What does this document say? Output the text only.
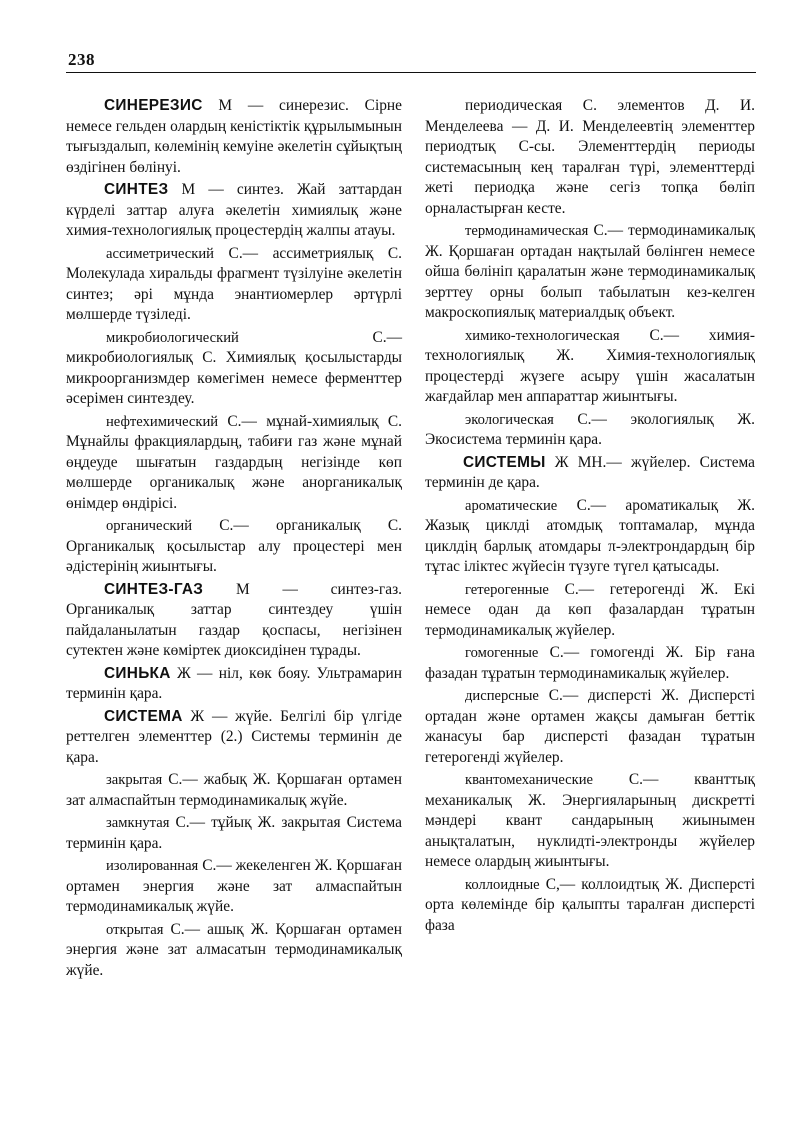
238

СИНЕРЕЗИС М — синерезис. Сірне немесе гельден олардың кеністіктік құрылымынын тығыздалып, көлемінің кемуіне әкелетін сұйықтың өздігінен бөлінуі.

СИНТЕЗ М — синтез. Жай заттардан күрделі заттар алуға әкелетін химиялық және химия-технологиялық процестердің жалпы атауы.

ассиметрический С.— ассиметриялық С. Молекулада хиральды фрагмент түзілуіне әкелетін синтез; әрі мұнда энантиомерлер әртүрлі мөлшерде түзіледі.

микробиологический С.— микробиологиялық С. Химиялық қосылыстарды микроорганизмдер көмегімен немесе ферменттер әсерімен синтездеу.

нефтехимический С.— мұнай-химиялық С. Мұнайлы фракциялардың, табиғи газ және мұнай өңдеуде шығатын газдардың негізінде көп мөлшерде органикалық және анорганикалық өнімдер өндірісі.

органический С.— органикалық С. Органикалық қосылыстар алу процестері мен әдістерінің жиынтығы.

СИНТЕЗ-ГАЗ М — синтез-газ. Органикалық заттар синтездеу үшін пайдаланылатын газдар қоспасы, негізінен сутектен және көміртек диоксидінен тұрады.

СИНЬКА Ж — ніл, көк бояу. Ультрамарин терминін қара.

СИСТЕМА Ж — жүйе. Белгілі бір үлгіде реттелген элементтер (2.) Системы терминін де қара.

закрытая С.— жабық Ж. Қоршаған ортамен зат алмаспайтын термодинамикалық жүйе.

замкнутая С.— тұйық Ж. закрытая Система терминін қара.

изолированная С.— жекеленген Ж. Қоршаған ортамен энергия және зат алмаспайтын термодинамикалық жүйе.

открытая С.— ашық Ж. Қоршаған ортамен энергия және зат алмасатын термодинамикалық жүйе.

периодическая С. элементов Д. И. Менделеева — Д. И. Менделеевтің элементтер периодтық С-сы. Элементтердің периоды системасының кең таралған түрі, элементтерді жеті периодқа және сегіз топқа бөліп орналастырған кесте.

термодинамическая С.— термодинамикалық Ж. Қоршаған ортадан нақтылай бөлінген немесе ойша бөлініп қаралатын және термодинамикалық зерттеу орны болып табылатын кез-келген макроскопиялық материалдық объект.

химико-технологическая С.— химия-технологиялық Ж. Химия-технологиялық процестерді жүзеге асыру үшін жасалатын жағдайлар мен аппараттар жиынтығы.

экологическая С.— экологиялық Ж. Экосистема терминін қара.

СИСТЕМЫ Ж МН.— жүйелер. Система терминін де қара.

ароматические С.— ароматикалық Ж. Жазық циклді атомдық топтамалар, мұнда циклдің барлық атомдары π-электрондардың бір тұтас іліктес жүйесін түзуге түгел қатысады.

гетерогенные С.— гетерогенді Ж. Екі немесе одан да көп фазалардан тұратын термодинамикалық жүйелер.

гомогенные С.— гомогенді Ж. Бір ғана фазадан тұратын термодинамикалық жүйелер.

дисперсные С.— дисперсті Ж. Дисперсті ортадан және ортамен жақсы дамыған беттік жанасуы бар дисперсті фазадан тұратын гетерогенді жүйелер.

квантомеханические С.— кванттық механикалық Ж. Энергияларының дискретті мәндері квант сандарының жиынымен анықталатын, нуклидті-электронды жүйелер немесе олардың жиынтығы.

коллоидные С,— коллоидтық Ж. Дисперсті орта көлемінде бір қалыпты таралған дисперсті фаза
